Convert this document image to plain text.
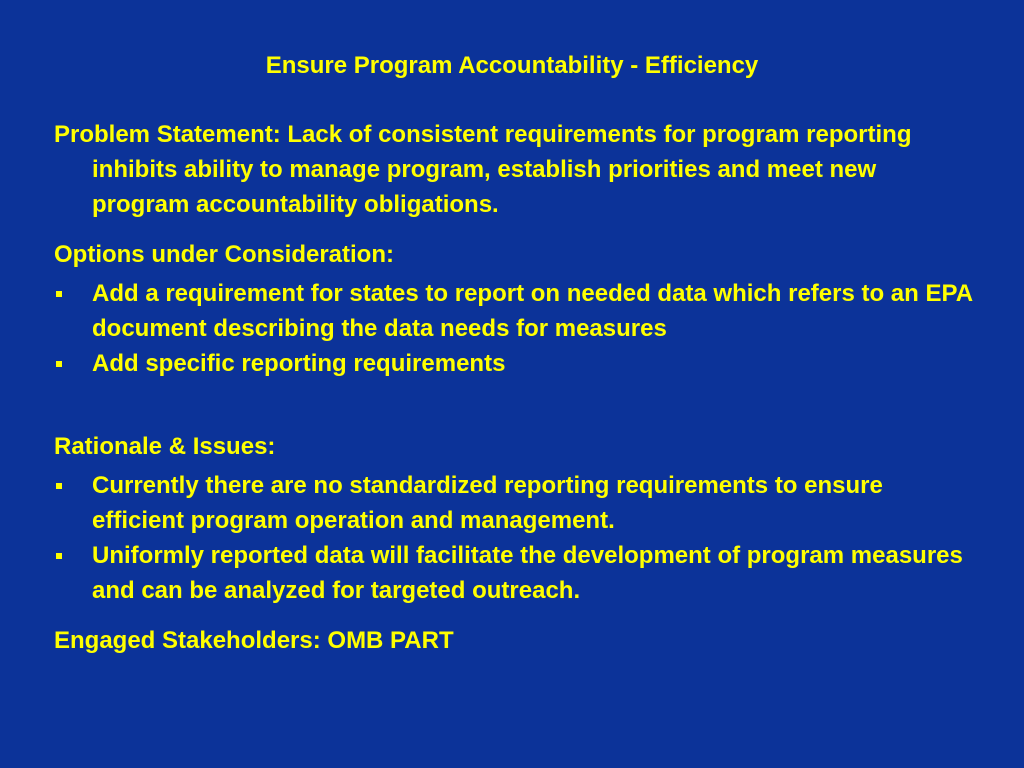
Ensure Program Accountability - Efficiency

Problem Statement: Lack of consistent requirements for program reporting inhibits ability to manage program, establish priorities and meet new program accountability obligations.

Options under Consideration:

Add a requirement for states to report on needed data which refers to an EPA document describing the data needs for measures
Add specific reporting requirements

Rationale & Issues:

Currently there are no standardized reporting requirements to ensure efficient program operation and management.
Uniformly reported data will facilitate the development of program measures and can be analyzed for targeted outreach.

Engaged Stakeholders: OMB PART
